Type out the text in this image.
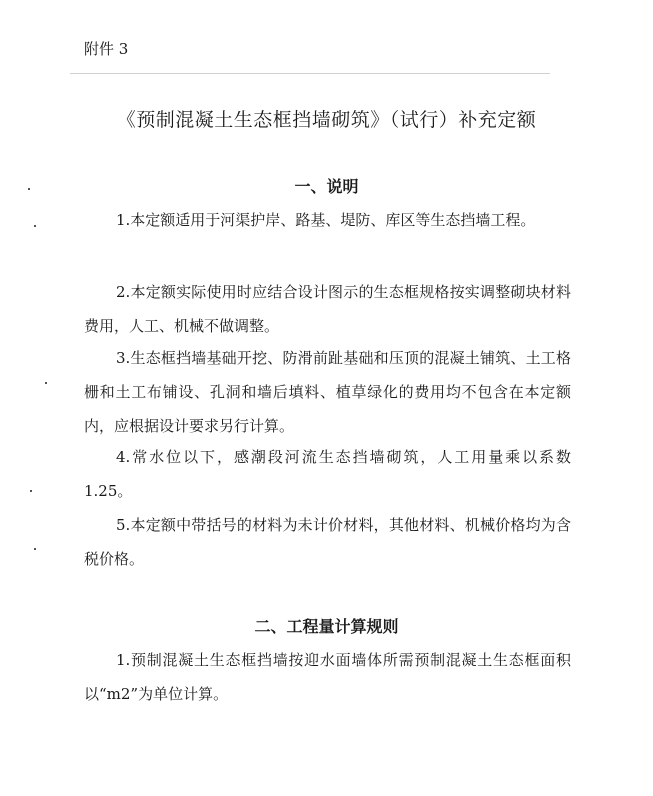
附件 3
《预制混凝土生态框挡墙砌筑》（试行）补充定额
一、说明
1.本定额适用于河渠护岸、路基、堤防、库区等生态挡墙工程。
2.本定额实际使用时应结合设计图示的生态框规格按实调整砌块材料费用，人工、机械不做调整。
3.生态框挡墙基础开挖、防滑前趾基础和压顶的混凝土铺筑、土工格栅和土工布铺设、孔洞和墙后填料、植草绿化的费用均不包含在本定额内，应根据设计要求另行计算。
4.常水位以下，感潮段河流生态挡墙砌筑，人工用量乘以系数 1.25。
5.本定额中带括号的材料为未计价材料，其他材料、机械价格均为含税价格。
二、工程量计算规则
1.预制混凝土生态框挡墙按迎水面墙体所需预制混凝土生态框面积以“m2”为单位计算。
